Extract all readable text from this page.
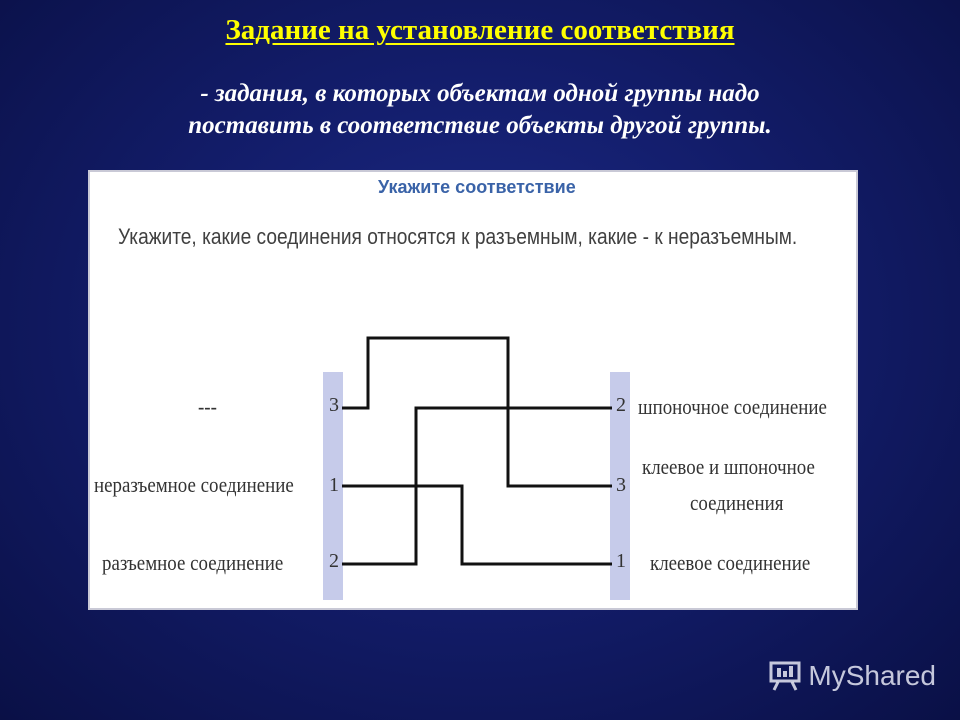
Задание на установление соответствия
- задания, в которых объектам одной группы надо
поставить в соответствие объекты другой группы.
Укажите соответствие
Укажите, какие соединения относятся к разъемным, какие - к неразъемным.
---
неразъемное соединение
разъемное соединение
3
1
2
2
3
1
шпоночное соединение
клеевое и шпоночное
соединения
клеевое соединение
MyShared
